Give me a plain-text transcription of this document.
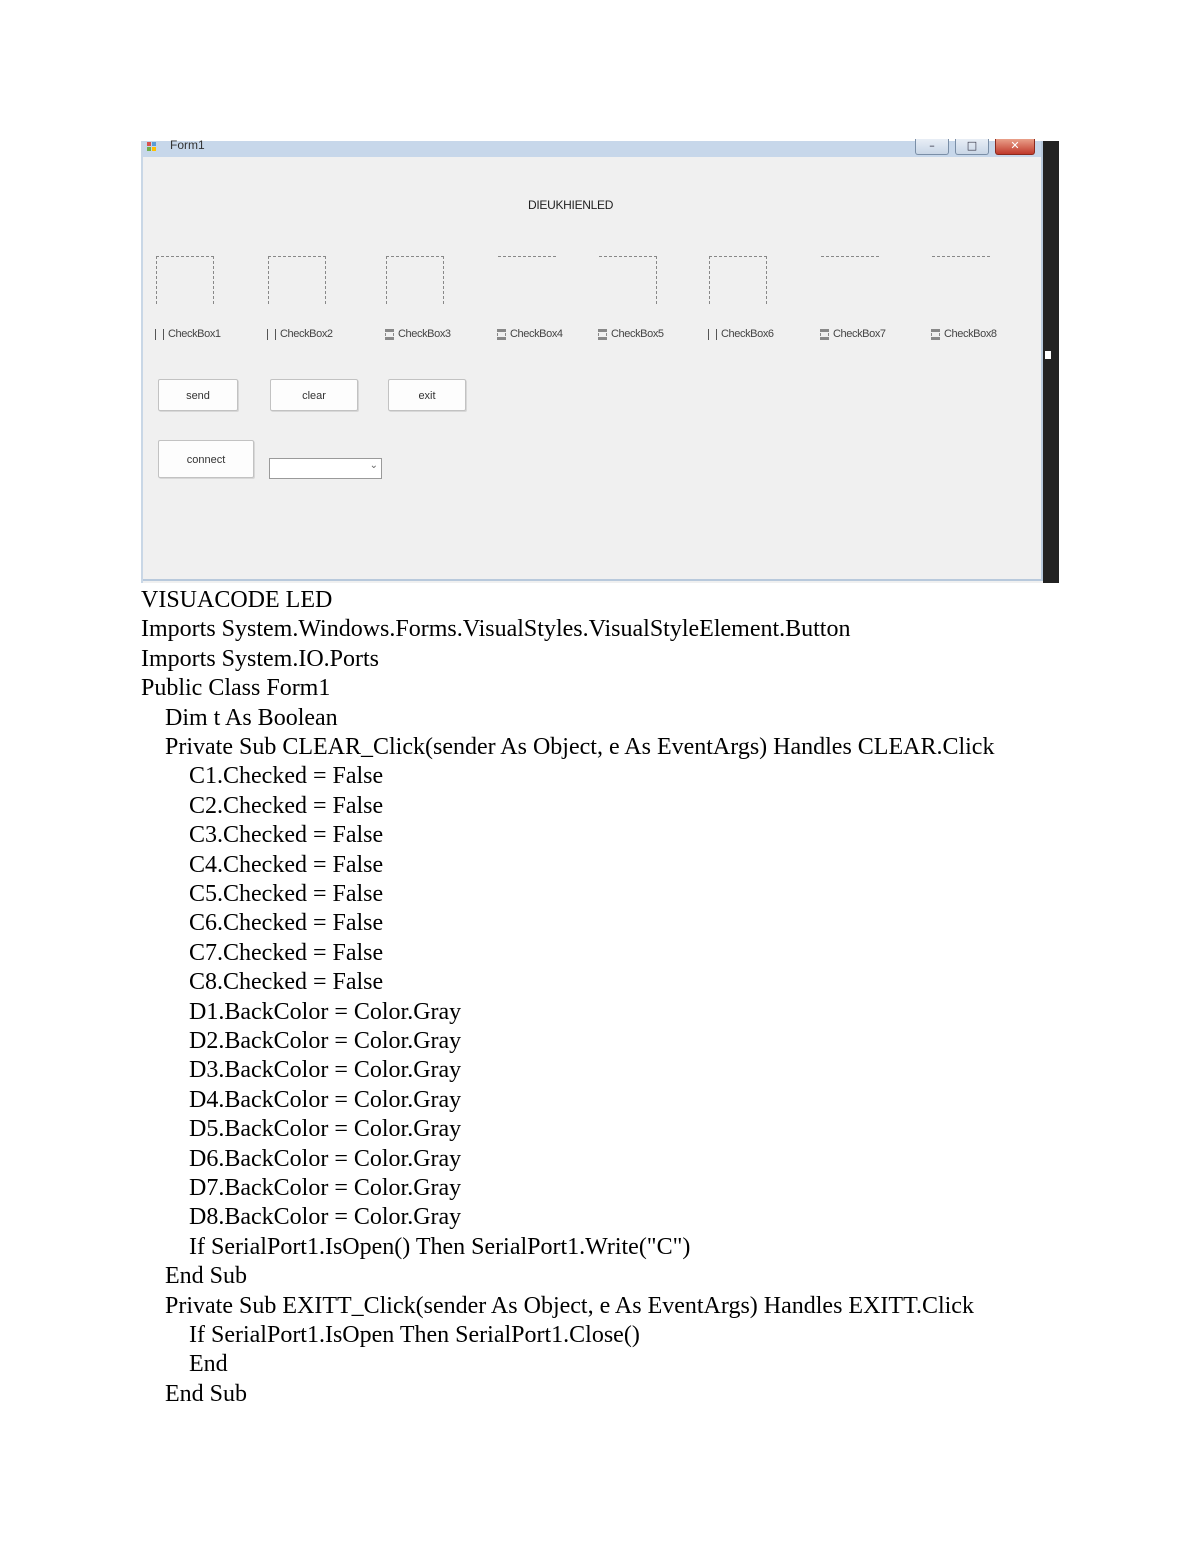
Form1	–	□	✕
DIEUKHIENLED
CheckBox1	CheckBox2	CheckBox3	CheckBox4	CheckBox5	CheckBox6	CheckBox7	CheckBox8
send	clear	exit
connect	⌄
VISUACODE LED
Imports System.Windows.Forms.VisualStyles.VisualStyleElement.Button
Imports System.IO.Ports
Public Class Form1
Dim t As Boolean
Private Sub CLEAR_Click(sender As Object, e As EventArgs) Handles CLEAR.Click
C1.Checked = False
C2.Checked = False
C3.Checked = False
C4.Checked = False
C5.Checked = False
C6.Checked = False
C7.Checked = False
C8.Checked = False
D1.BackColor = Color.Gray
D2.BackColor = Color.Gray
D3.BackColor = Color.Gray
D4.BackColor = Color.Gray
D5.BackColor = Color.Gray
D6.BackColor = Color.Gray
D7.BackColor = Color.Gray
D8.BackColor = Color.Gray
If SerialPort1.IsOpen() Then SerialPort1.Write("C")
End Sub
Private Sub EXITT_Click(sender As Object, e As EventArgs) Handles EXITT.Click
If SerialPort1.IsOpen Then SerialPort1.Close()
End
End Sub
